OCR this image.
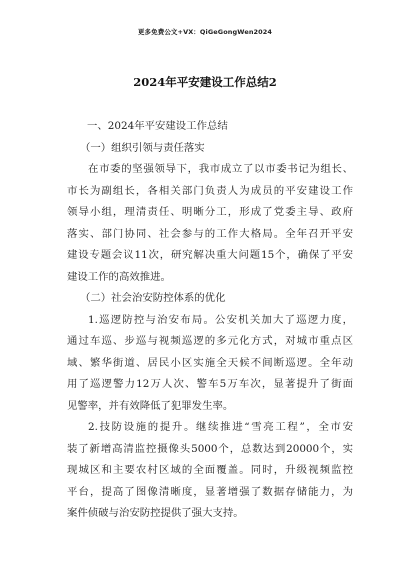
更多免费公文+VX：QiGeGongWen2024
2024年平安建设工作总结2

一、2024年平安建设工作总结

（一）组织引领与责任落实

在市委的坚强领导下，我市成立了以市委书记为组长、
市长为副组长，各相关部门负责人为成员的平安建设工作
领导小组，理清责任、明晰分工，形成了党委主导、政府
落实、部门协同、社会参与的工作大格局。全年召开平安
建设专题会议11次，研究解决重大问题15个，确保了平安
建设工作的高效推进。

（二）社会治安防控体系的优化

1.巡逻防控与治安布局。公安机关加大了巡逻力度，
通过车巡、步巡与视频巡逻的多元化方式，对城市重点区
域、繁华街道、居民小区实施全天候不间断巡逻。全年动
用了巡逻警力12万人次、警车5万车次，显著提升了街面
见警率，并有效降低了犯罪发生率。

2.技防设施的提升。继续推进“雪亮工程”，全市安
装了新增高清监控摄像头5000个，总数达到20000个，实
现城区和主要农村区域的全面覆盖。同时，升级视频监控
平台，提高了图像清晰度，显著增强了数据存储能力，为
案件侦破与治安防控提供了强大支持。
